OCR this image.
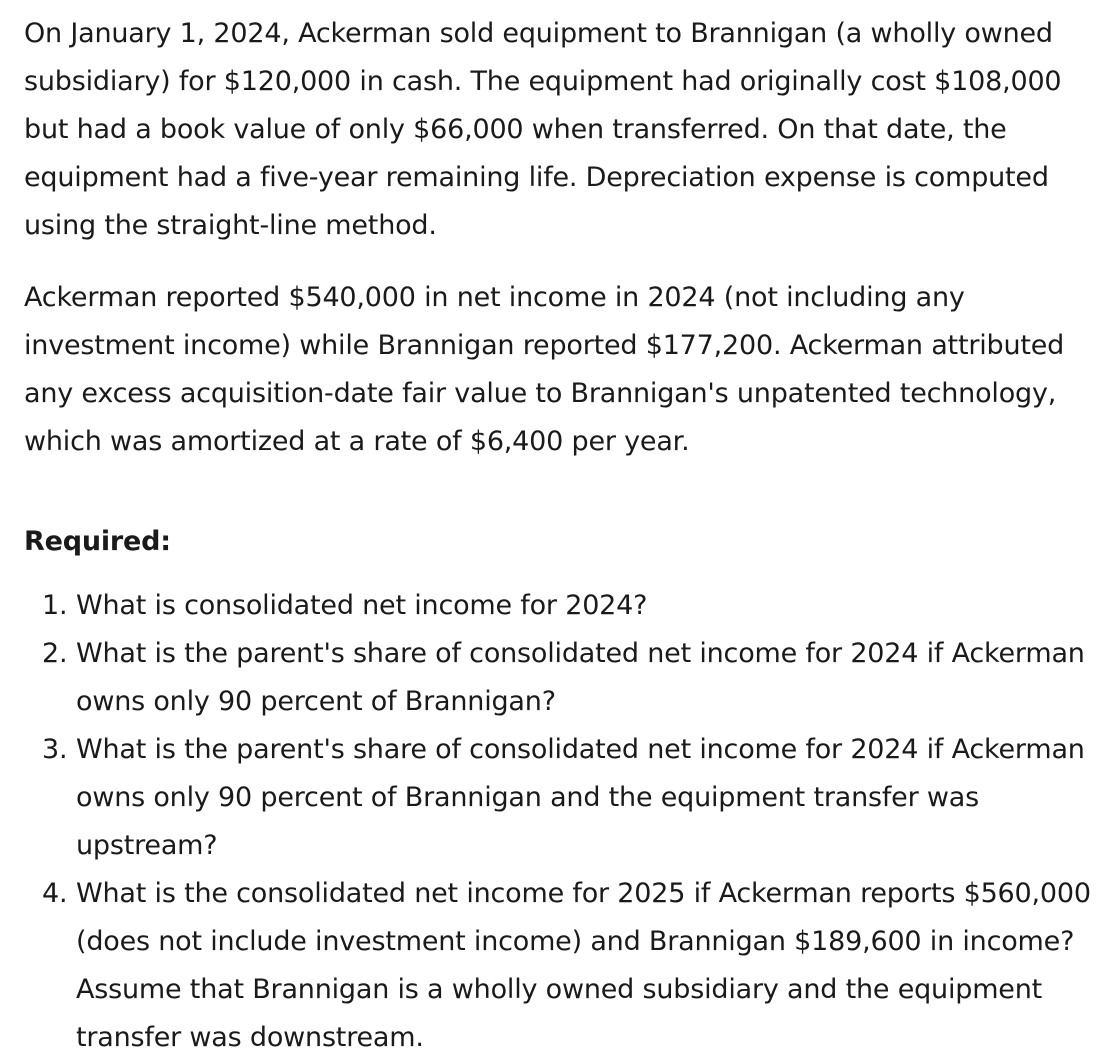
On January 1, 2024, Ackerman sold equipment to Brannigan (a wholly owned subsidiary) for $120,000 in cash. The equipment had originally cost $108,000 but had a book value of only $66,000 when transferred. On that date, the equipment had a five-year remaining life. Depreciation expense is computed using the straight-line method.

Ackerman reported $540,000 in net income in 2024 (not including any investment income) while Brannigan reported $177,200. Ackerman attributed any excess acquisition-date fair value to Brannigan's unpatented technology, which was amortized at a rate of $6,400 per year.

Required:
1. What is consolidated net income for 2024?
2. What is the parent's share of consolidated net income for 2024 if Ackerman owns only 90 percent of Brannigan?
3. What is the parent's share of consolidated net income for 2024 if Ackerman owns only 90 percent of Brannigan and the equipment transfer was upstream?
4. What is the consolidated net income for 2025 if Ackerman reports $560,000 (does not include investment income) and Brannigan $189,600 in income? Assume that Brannigan is a wholly owned subsidiary and the equipment transfer was downstream.
